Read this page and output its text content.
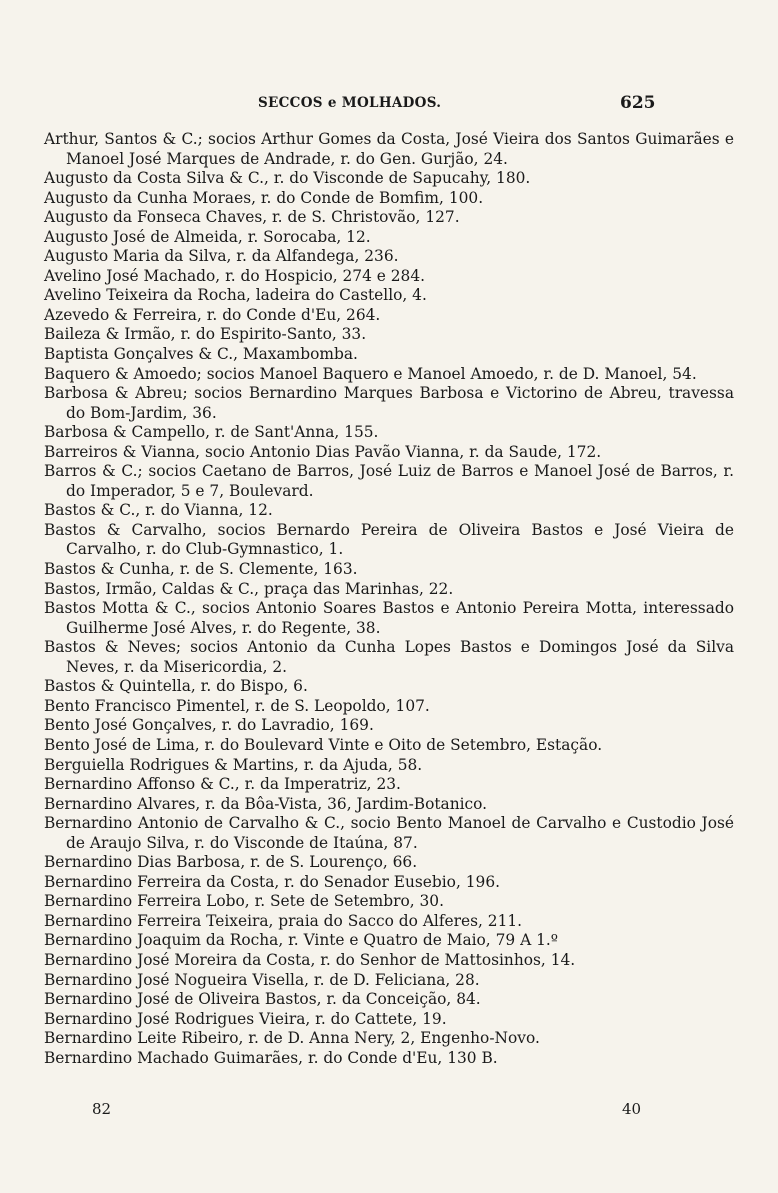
SECCOS e MOLHADOS.	625

Arthur, Santos & C.; socios Arthur Gomes da Costa, José Vieira dos Santos Guimarães e Manoel José Marques de Andrade, r. do Gen. Gurjão, 24.

Augusto da Costa Silva & C., r. do Visconde de Sapucahy, 180.

Augusto da Cunha Moraes, r. do Conde de Bomfim, 100.

Augusto da Fonseca Chaves, r. de S. Christovão, 127.

Augusto José de Almeida, r. Sorocaba, 12.

Augusto Maria da Silva, r. da Alfandega, 236.

Avelino José Machado, r. do Hospicio, 274 e 284.

Avelino Teixeira da Rocha, ladeira do Castello, 4.

Azevedo & Ferreira, r. do Conde d'Eu, 264.

Baileza & Irmão, r. do Espirito-Santo, 33.

Baptista Gonçalves & C., Maxambomba.

Baquero & Amoedo; socios Manoel Baquero e Manoel Amoedo, r. de D. Manoel, 54.

Barbosa & Abreu; socios Bernardino Marques Barbosa e Victorino de Abreu, travessa do Bom-Jardim, 36.

Barbosa & Campello, r. de Sant'Anna, 155.

Barreiros & Vianna, socio Antonio Dias Pavão Vianna, r. da Saude, 172.

Barros & C.; socios Caetano de Barros, José Luiz de Barros e Manoel José de Barros, r. do Imperador, 5 e 7, Boulevard.

Bastos & C., r. do Vianna, 12.

Bastos & Carvalho, socios Bernardo Pereira de Oliveira Bastos e José Vieira de Carvalho, r. do Club-Gymnastico, 1.

Bastos & Cunha, r. de S. Clemente, 163.

Bastos, Irmão, Caldas & C., praça das Marinhas, 22.

Bastos Motta & C., socios Antonio Soares Bastos e Antonio Pereira Motta, interessado Guilherme José Alves, r. do Regente, 38.

Bastos & Neves; socios Antonio da Cunha Lopes Bastos e Domingos José da Silva Neves, r. da Misericordia, 2.

Bastos & Quintella, r. do Bispo, 6.

Bento Francisco Pimentel, r. de S. Leopoldo, 107.

Bento José Gonçalves, r. do Lavradio, 169.

Bento José de Lima, r. do Boulevard Vinte e Oito de Setembro, Estação.

Berguiella Rodrigues & Martins, r. da Ajuda, 58.

Bernardino Affonso & C., r. da Imperatriz, 23.

Bernardino Alvares, r. da Bôa-Vista, 36, Jardim-Botanico.

Bernardino Antonio de Carvalho & C., socio Bento Manoel de Carvalho e Custodio José de Araujo Silva, r. do Visconde de Itaúna, 87.

Bernardino Dias Barbosa, r. de S. Lourenço, 66.

Bernardino Ferreira da Costa, r. do Senador Eusebio, 196.

Bernardino Ferreira Lobo, r. Sete de Setembro, 30.

Bernardino Ferreira Teixeira, praia do Sacco do Alferes, 211.

Bernardino Joaquim da Rocha, r. Vinte e Quatro de Maio, 79 A 1.º

Bernardino José Moreira da Costa, r. do Senhor de Mattosinhos, 14.

Bernardino José Nogueira Visella, r. de D. Feliciana, 28.

Bernardino José de Oliveira Bastos, r. da Conceição, 84.

Bernardino José Rodrigues Vieira, r. do Cattete, 19.

Bernardino Leite Ribeiro, r. de D. Anna Nery, 2, Engenho-Novo.

Bernardino Machado Guimarães, r. do Conde d'Eu, 130 B.

82	40
